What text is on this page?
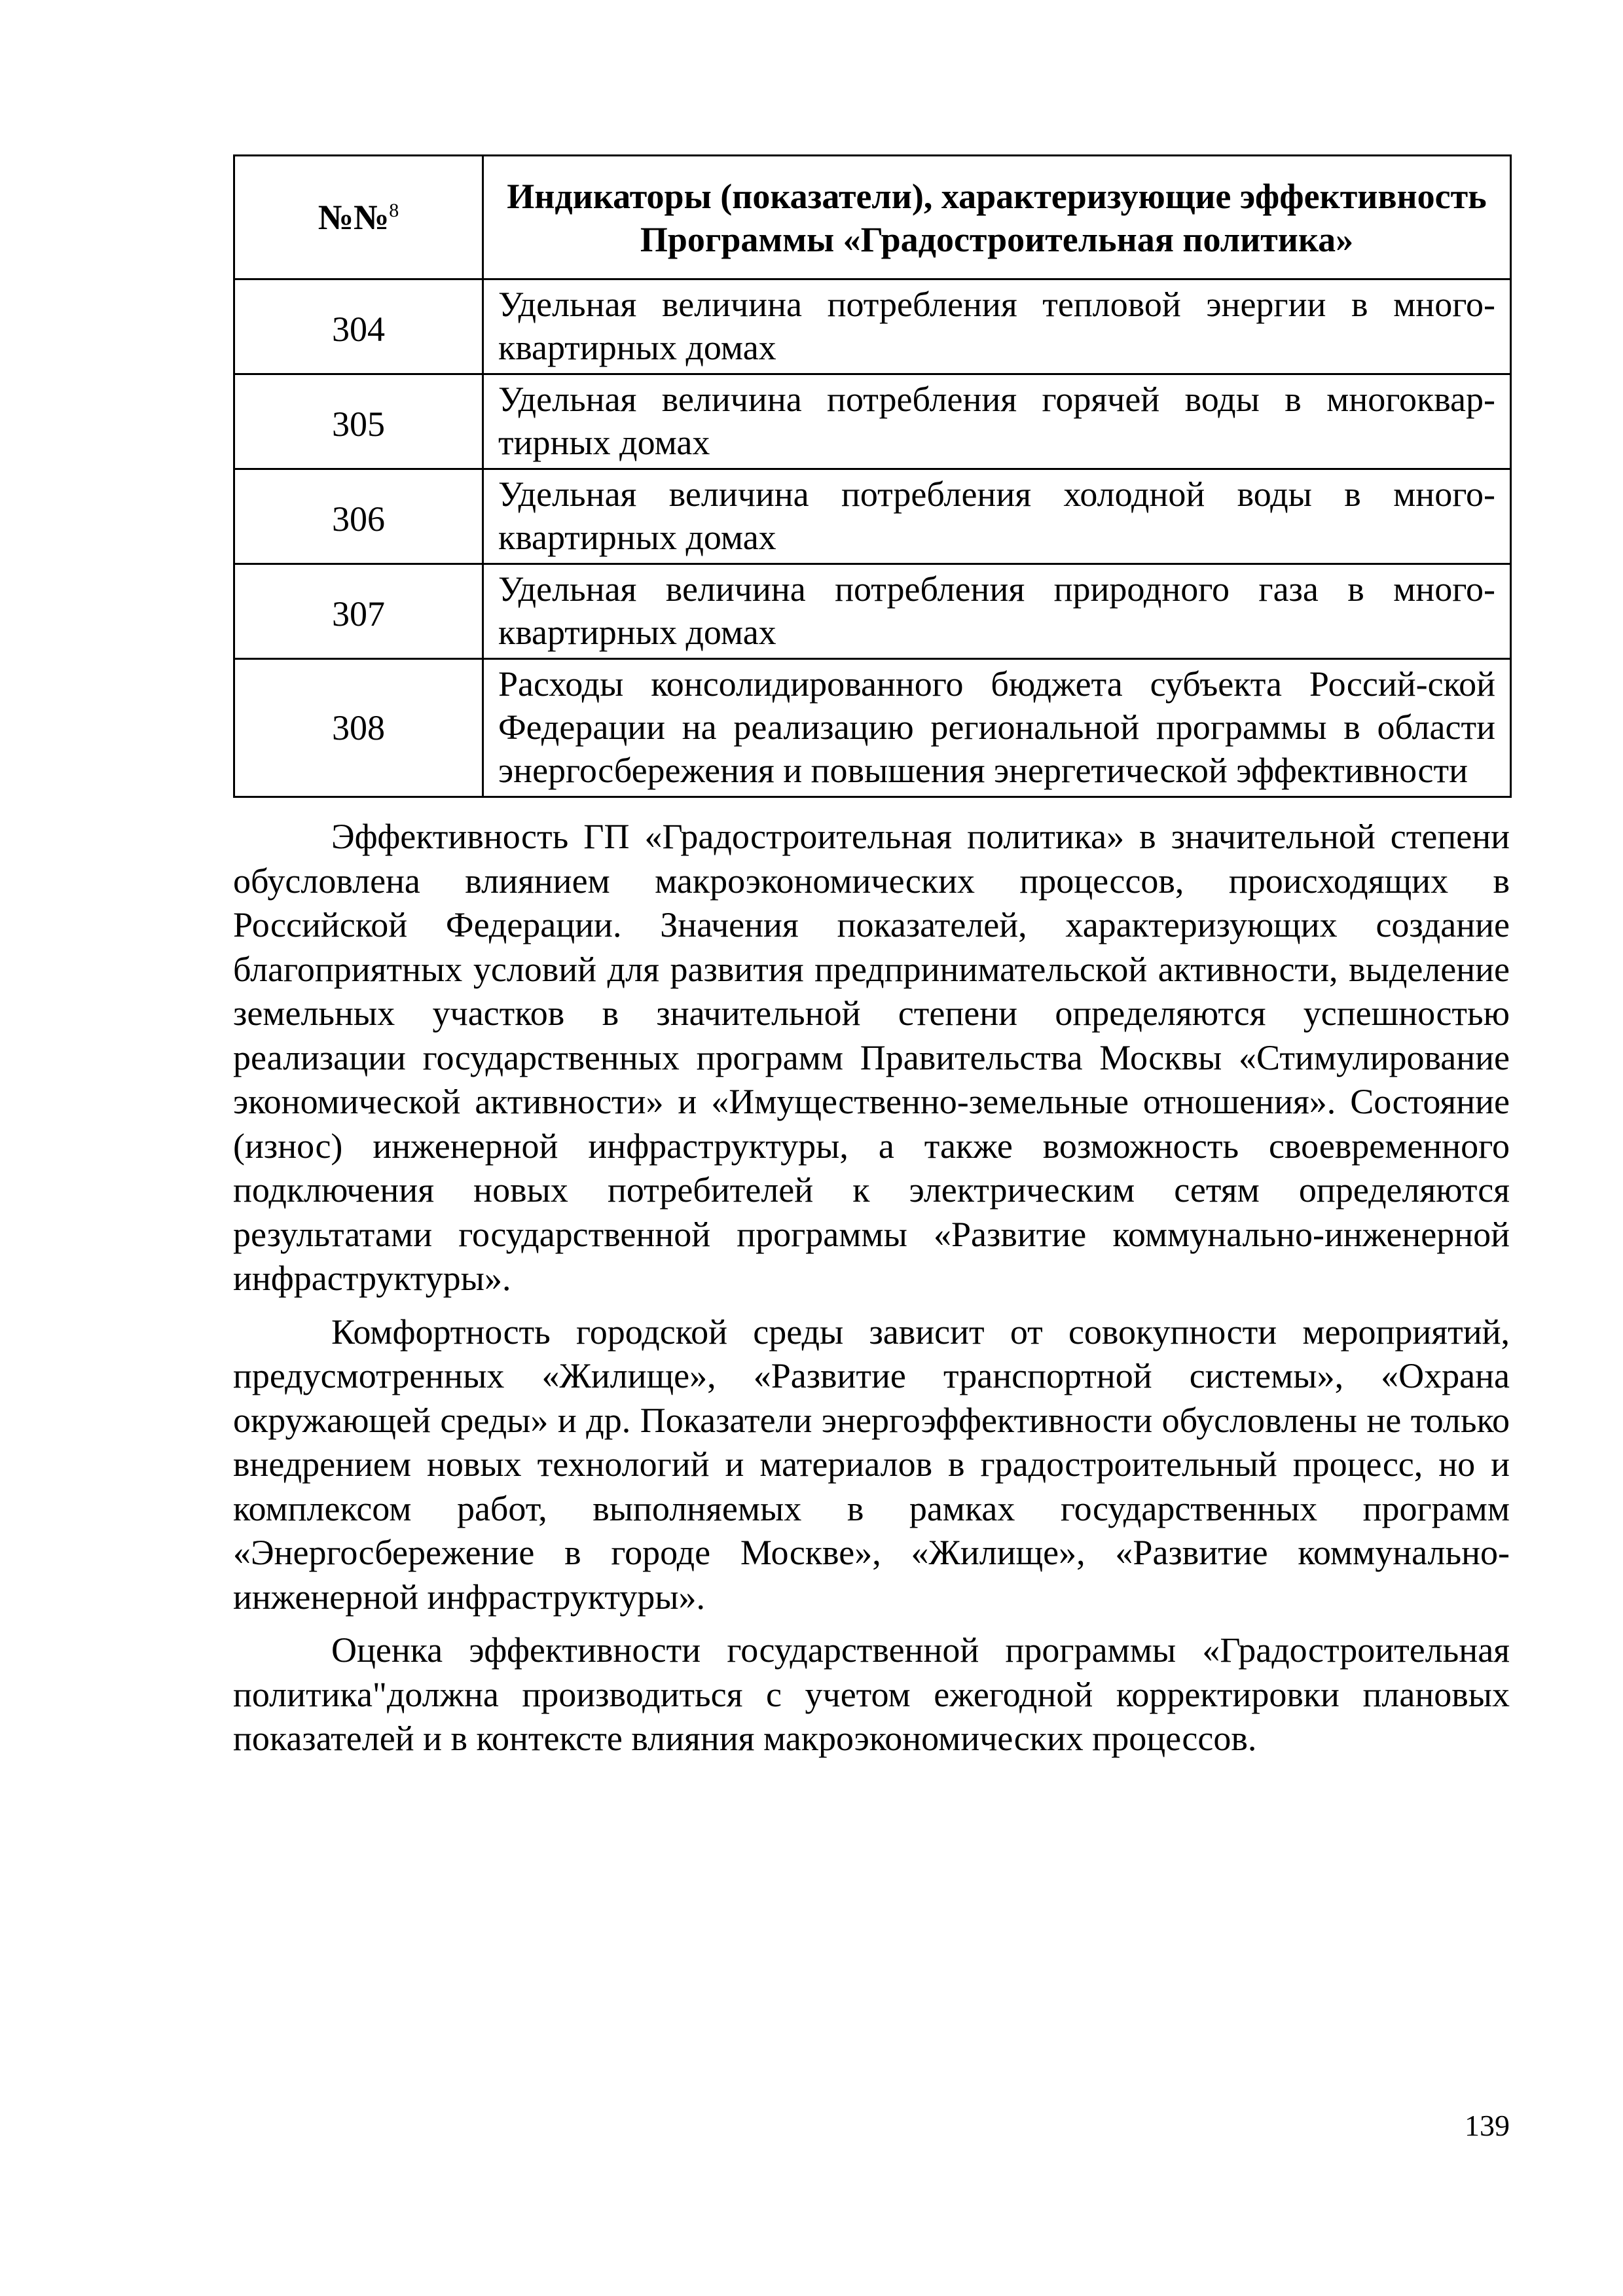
№№$^8$	Индикаторы (показатели), характеризующие эффективность
Программы «Градостроительная политика»
304	Удельная величина потребления тепловой энергии в много-квартирных домах
305	Удельная величина потребления горячей воды в многоквар-тирных домах
306	Удельная величина потребления холодной воды в много-квартирных домах
307	Удельная величина потребления природного газа в много-квартирных домах
308	Расходы консолидированного бюджета субъекта Россий-ской Федерации на реализацию региональной программы в области энергосбережения и повышения энергетической эффективности

Эффективность ГП «Градостроительная политика» в значительной степени обусловлена влиянием макроэкономических процессов, происходящих в Российской Федерации. Значения показателей, характеризующих создание благоприятных условий для развития предпринимательской активности, выделение земельных участков в значительной степени определяются успешностью реализации государственных программ Правительства Москвы «Стимулирование экономической активности» и «Имущественно-земельные отношения». Состояние (износ) инженерной инфраструктуры, а также возможность своевременного подключения новых потребителей к электрическим сетям определяются результатами государственной программы «Развитие коммунально-инженерной инфраструктуры».

Комфортность городской среды зависит от совокупности мероприятий, предусмотренных «Жилище», «Развитие транспортной системы», «Охрана окружающей среды» и др. Показатели энергоэффективности обусловлены не только внедрением новых технологий и материалов в градостроительный процесс, но и комплексом работ, выполняемых в рамках государственных программ «Энергосбережение в городе Москве», «Жилище», «Развитие коммунально-инженерной инфраструктуры».

Оценка эффективности государственной программы «Градостроительная политика"должна производиться с учетом ежегодной корректировки плановых показателей и в контексте влияния макроэкономических процессов.

139
